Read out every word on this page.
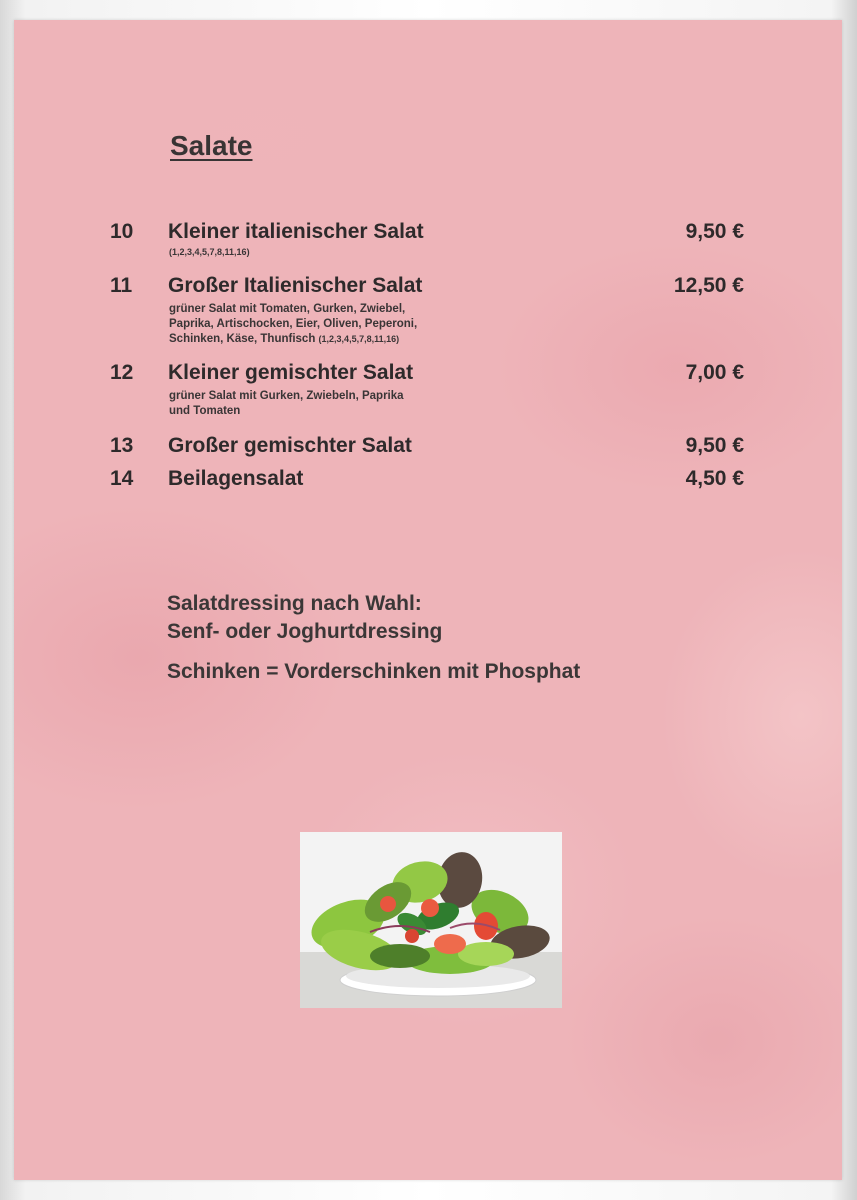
Salate
10 Kleiner italienischer Salat	9,50 €
(1,2,3,4,5,7,8,11,16)
11 Großer Italienischer Salat	12,50 €
grüner Salat mit Tomaten, Gurken, Zwiebel,
Paprika, Artischocken, Eier, Oliven, Peperoni,
Schinken, Käse, Thunfisch (1,2,3,4,5,7,8,11,16)
12 Kleiner gemischter Salat	7,00 €
grüner Salat mit Gurken, Zwiebeln, Paprika
und Tomaten
13 Großer gemischter Salat	9,50 €
14 Beilagensalat	4,50 €
Salatdressing nach Wahl:
Senf- oder Joghurtdressing
Schinken = Vorderschinken mit Phosphat
